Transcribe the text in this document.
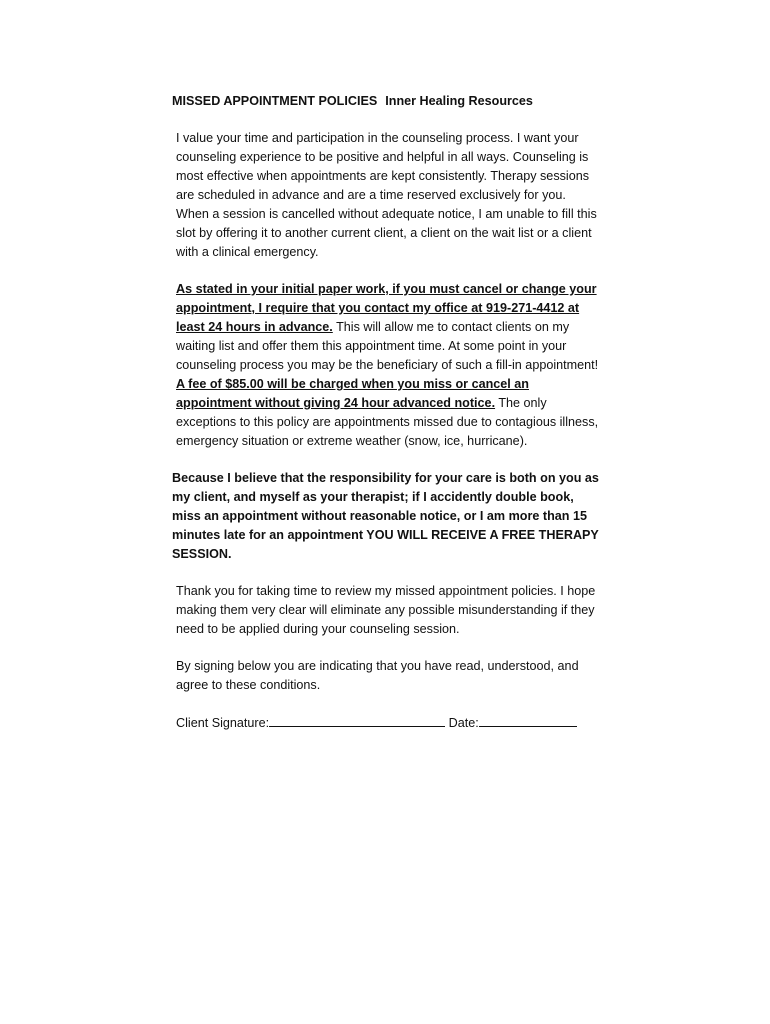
MISSED APPOINTMENT POLICIES Inner Healing Resources

I value your time and participation in the counseling process. I want your counseling experience to be positive and helpful in all ways. Counseling is most effective when appointments are kept consistently. Therapy sessions are scheduled in advance and are a time reserved exclusively for you. When a session is cancelled without adequate notice, I am unable to fill this slot by offering it to another current client, a client on the wait list or a client with a clinical emergency.

As stated in your initial paper work, if you must cancel or change your appointment, I require that you contact my office at 919-271-4412 at least 24 hours in advance. This will allow me to contact clients on my waiting list and offer them this appointment time. At some point in your counseling process you may be the beneficiary of such a fill-in appointment! A fee of $85.00 will be charged when you miss or cancel an appointment without giving 24 hour advanced notice. The only exceptions to this policy are appointments missed due to contagious illness, emergency situation or extreme weather (snow, ice, hurricane).

Because I believe that the responsibility for your care is both on you as my client, and myself as your therapist; if I accidently double book, miss an appointment without reasonable notice, or I am more than 15 minutes late for an appointment YOU WILL RECEIVE A FREE THERAPY SESSION.

Thank you for taking time to review my missed appointment policies. I hope making them very clear will eliminate any possible misunderstanding if they need to be applied during your counseling session.

By signing below you are indicating that you have read, understood, and agree to these conditions.

Client Signature:	Date:
